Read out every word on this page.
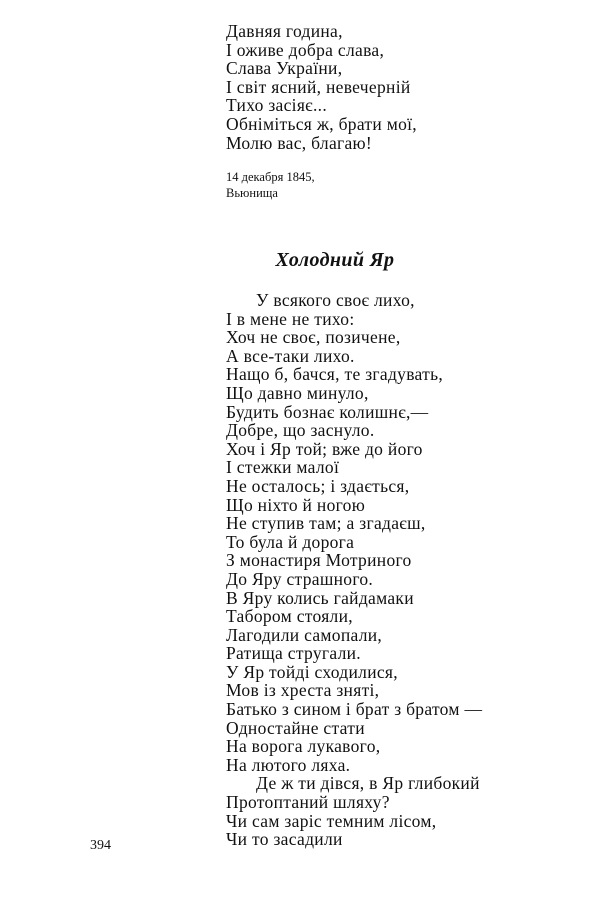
Давняя година,
І оживе добра слава,
Слава України,
І світ ясний, невечерній
Тихо засіяє...
Обніміться ж, брати мої,
Молю вас, благаю!
14 декабря 1845,
Вьюнища
Холодний Яр
У всякого своє лихо,
І в мене не тихо:
Хоч не своє, позичене,
А все-таки лихо.
Нащо б, бачся, те згадувать,
Що давно минуло,
Будить бознає колишнє,—
Добре, що заснуло.
Хоч і Яр той; вже до його
І стежки малої
Не осталось; і здається,
Що ніхто й ногою
Не ступив там; а згадаєш,
То була й дорога
З монастиря Мотриного
До Яру страшного.
В Яру колись гайдамаки
Табором стояли,
Лагодили самопали,
Ратища стругали.
У Яр тойді сходилися,
Мов із хреста зняті,
Батько з сином і брат з братом —
Одностайне стати
На ворога лукавого,
На лютого ляха.
Де ж ти дівся, в Яр глибокий
Протоптаний шляху?
Чи сам заріс темним лісом,
Чи то засадили
394
